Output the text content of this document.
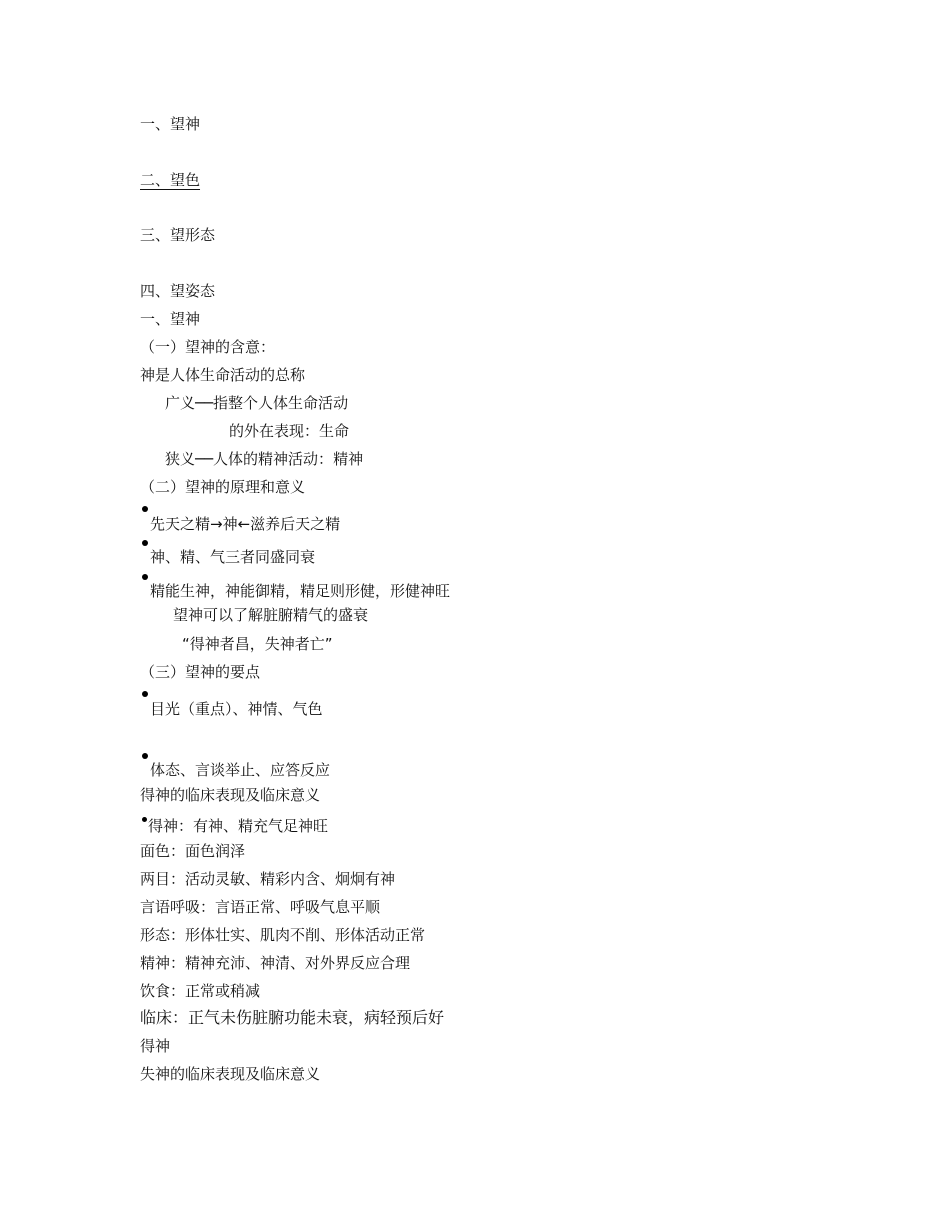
一、望神
二、望色
三、望形态
四、望姿态
一、望神
（一）望神的含意：
神是人体生命活动的总称
广义──指整个人体生命活动
的外在表现：生命
狭义──人体的精神活动：精神
（二）望神的原理和意义
先天之精→神←滋养后天之精
神、精、气三者同盛同衰
精能生神，神能御精，精足则形健，形健神旺
望神可以了解脏腑精气的盛衰
“得神者昌，失神者亡”
（三）望神的要点
目光（重点）、神情、气色
体态、言谈举止、应答反应
得神的临床表现及临床意义
得神：有神、精充气足神旺
面色：面色润泽
两目：活动灵敏、精彩内含、炯炯有神
言语呼吸：言语正常、呼吸气息平顺
形态：形体壮实、肌肉不削、形体活动正常
精神：精神充沛、神清、对外界反应合理
饮食：正常或稍减
临床：正气未伤脏腑功能未衰，病轻预后好
得神
失神的临床表现及临床意义
